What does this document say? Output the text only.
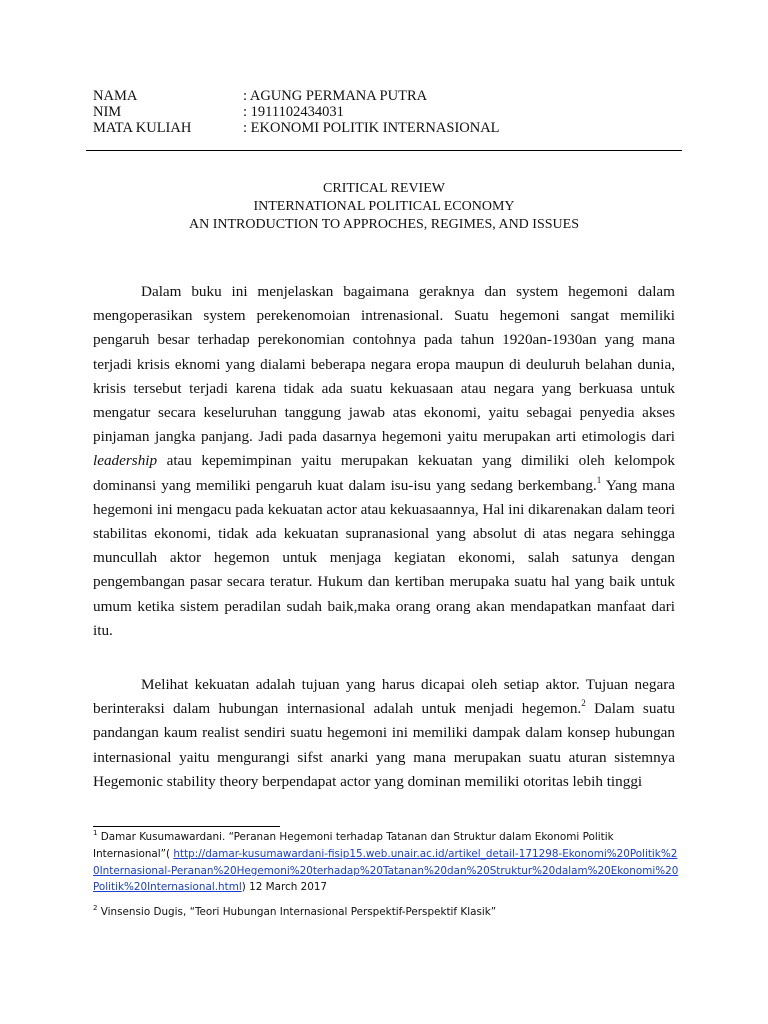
NAMA	: AGUNG PERMANA PUTRA
NIM	: 1911102434031
MATA KULIAH	: EKONOMI POLITIK INTERNASIONAL
CRITICAL REVIEW
INTERNATIONAL POLITICAL ECONOMY
AN INTRODUCTION TO APPROCHES, REGIMES, AND ISSUES

Dalam buku ini menjelaskan bagaimana geraknya dan system hegemoni dalam mengoperasikan system perekenomoian intrenasional. Suatu hegemoni sangat memiliki pengaruh besar terhadap perekonomian contohnya pada tahun 1920an-1930an yang mana terjadi krisis eknomi yang dialami beberapa negara eropa maupun di deuluruh belahan dunia, krisis tersebut terjadi karena tidak ada suatu kekuasaan atau negara yang berkuasa untuk mengatur secara keseluruhan tanggung jawab atas ekonomi, yaitu sebagai penyedia akses pinjaman jangka panjang. Jadi pada dasarnya hegemoni yaitu merupakan arti etimologis dari leadership atau kepemimpinan yaitu merupakan kekuatan yang dimiliki oleh kelompok dominansi yang memiliki pengaruh kuat dalam isu-isu yang sedang berkembang.$^1$ Yang mana hegemoni ini mengacu pada kekuatan actor atau kekuasaannya, Hal ini dikarenakan dalam teori stabilitas ekonomi, tidak ada kekuatan supranasional yang absolut di atas negara sehingga muncullah aktor hegemon untuk menjaga kegiatan ekonomi, salah satunya dengan pengembangan pasar secara teratur. Hukum dan kertiban merupaka suatu hal yang baik untuk umum ketika sistem peradilan sudah baik,maka orang orang akan mendapatkan manfaat dari itu.

Melihat kekuatan adalah tujuan yang harus dicapai oleh setiap aktor. Tujuan negara berinteraksi dalam hubungan internasional adalah untuk menjadi hegemon.$^2$ Dalam suatu pandangan kaum realist sendiri suatu hegemoni ini memiliki dampak dalam konsep hubungan internasional yaitu mengurangi sifst anarki yang mana merupakan suatu aturan sistemnya Hegemonic stability theory berpendapat actor yang dominan memiliki otoritas lebih tinggi

$^1$ Damar Kusumawardani. “Peranan Hegemoni terhadap Tatanan dan Struktur dalam Ekonomi Politik Internasional”( http://damar-kusumawardani-fisip15.web.unair.ac.id/artikel_detail-171298-Ekonomi%20Politik%20Internasional-Peranan%20Hegemoni%20terhadap%20Tatanan%20dan%20Struktur%20dalam%20Ekonomi%20Politik%20Internasional.html) 12 March 2017

$^2$ Vinsensio Dugis, “Teori Hubungan Internasional Perspektif-Perspektif Klasik”
